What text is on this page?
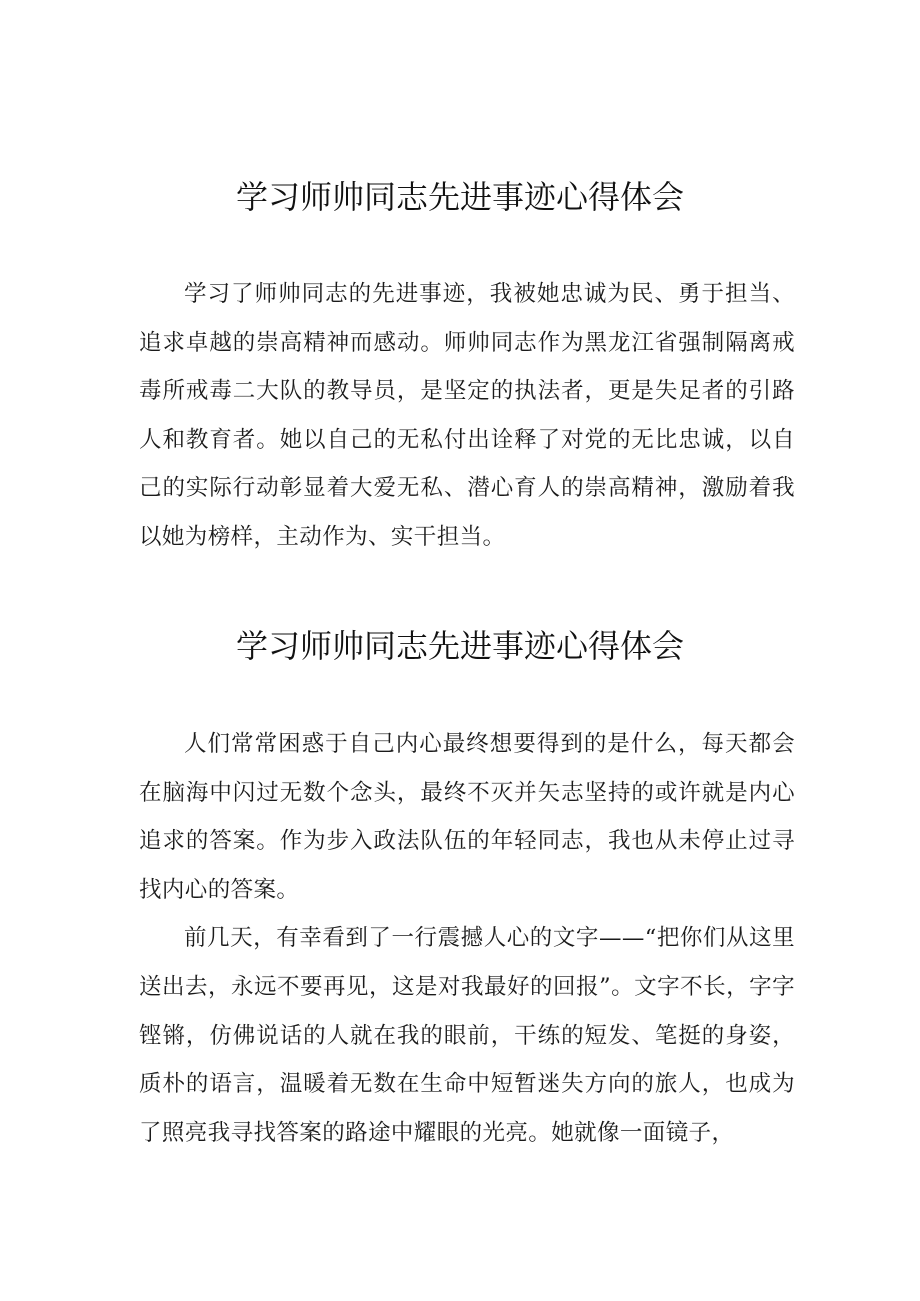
学习师帅同志先进事迹心得体会

学习了师帅同志的先进事迹，我被她忠诚为民、勇于担当、追求卓越的崇高精神而感动。师帅同志作为黑龙江省强制隔离戒毒所戒毒二大队的教导员，是坚定的执法者，更是失足者的引路人和教育者。她以自己的无私付出诠释了对党的无比忠诚，以自己的实际行动彰显着大爱无私、潜心育人的崇高精神，激励着我以她为榜样，主动作为、实干担当。

学习师帅同志先进事迹心得体会

人们常常困惑于自己内心最终想要得到的是什么，每天都会在脑海中闪过无数个念头，最终不灭并矢志坚持的或许就是内心追求的答案。作为步入政法队伍的年轻同志，我也从未停止过寻找内心的答案。

前几天，有幸看到了一行震撼人心的文字——“把你们从这里送出去，永远不要再见，这是对我最好的回报”。文字不长，字字铿锵，仿佛说话的人就在我的眼前，干练的短发、笔挺的身姿，质朴的语言，温暖着无数在生命中短暂迷失方向的旅人，也成为了照亮我寻找答案的路途中耀眼的光亮。她就像一面镜子，
